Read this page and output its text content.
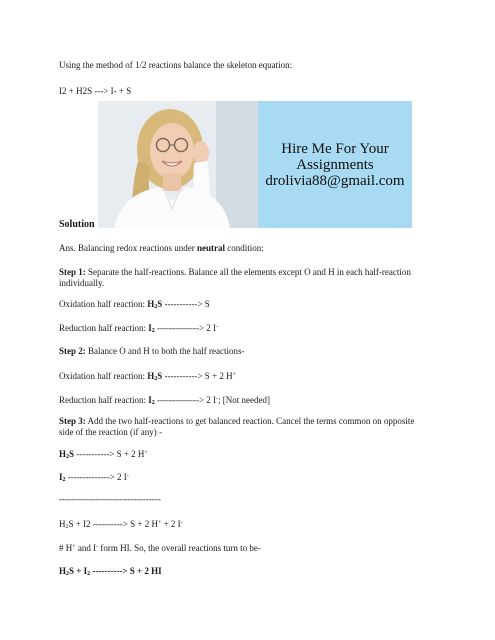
Using the method of 1/2 reactions balance the skeleton equation:
I2 + H2S ---> I- + S
Hire Me For Your
Assignments
drolivia88@gmail.com
Solution
Ans. Balancing redox reactions under neutral condition:
Step 1: Separate the half-reactions. Balance all the elements except O and H in each half-reaction individually.
Oxidation half reaction: H2S -----------> S
Reduction half reaction: I2 --------------> 2 I-
Step 2: Balance O and H to both the half reactions-
Oxidation half reaction: H2S -----------> S + 2 H+
Reduction half reaction: I2 --------------> 2 I-; [Not needed]
Step 3: Add the two half-reactions to get balanced reaction. Cancel the terms common on opposite side of the reaction (if any) -
H2S -----------> S + 2 H+
I2 --------------> 2 I-
----------------------------------
H2S + I2 ----------> S + 2 H+ + 2 I-
# H+ and I- form HI. So, the overall reactions turn to be-
H2S + I2 ----------> S + 2 HI
